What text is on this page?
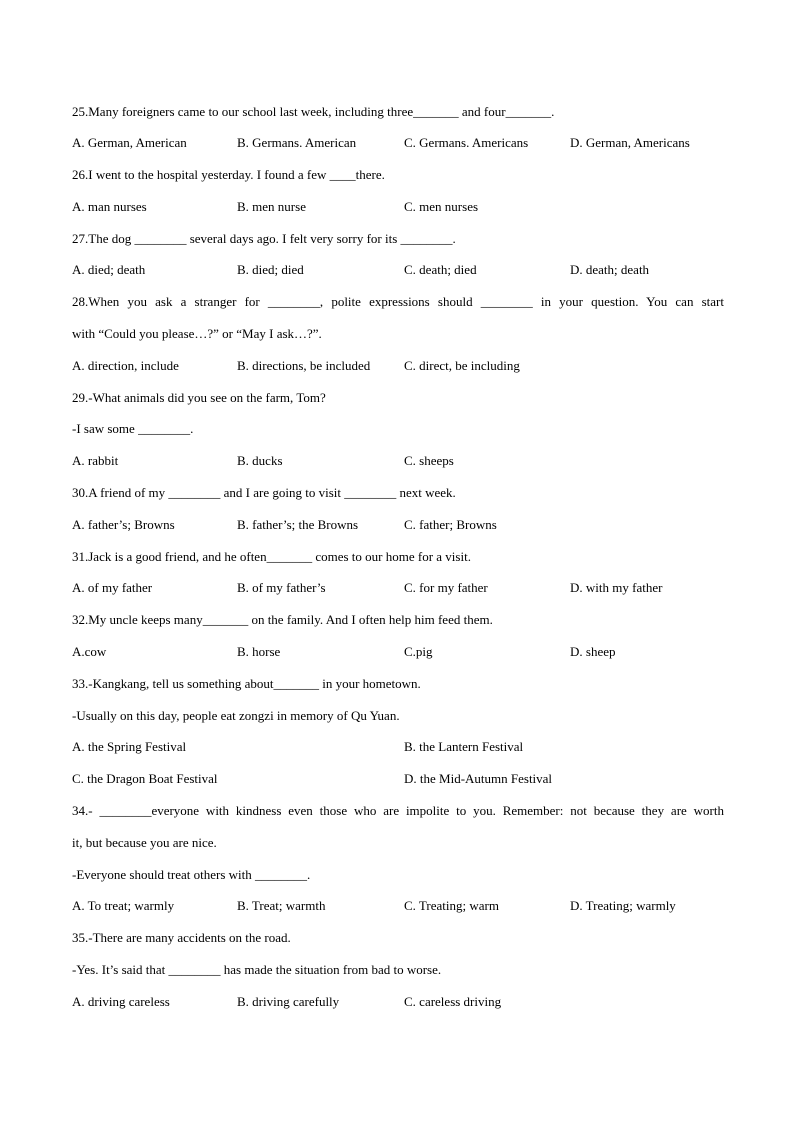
25.Many foreigners came to our school last week, including three_______ and four_______.
A. German, American	B. Germans. American	C. Germans. Americans	D. German, Americans
26.I went to the hospital yesterday. I found a few ____there.
A. man nurses	B. men nurse	C. men nurses
27.The dog ________ several days ago. I felt very sorry for its ________.
A. died; death	B. died; died	C. death; died	D. death; death
28.When you ask a stranger for ________, polite expressions should ________ in your question. You can start
with “Could you please…?” or “May I ask…?”.
A. direction, include	B. directions, be included	C. direct, be including
29.-What animals did you see on the farm, Tom?
-I saw some ________.
A. rabbit	B. ducks	C. sheeps
30.A friend of my ________ and I are going to visit ________ next week.
A. father’s; Browns	B. father’s; the Browns	C. father; Browns
31.Jack is a good friend, and he often_______ comes to our home for a visit.
A. of my father	B. of my father’s	C. for my father	D. with my father
32.My uncle keeps many_______ on the family. And I often help him feed them.
A.cow	B. horse	C.pig	D. sheep
33.-Kangkang, tell us something about_______ in your hometown.
-Usually on this day, people eat zongzi in memory of Qu Yuan.
A. the Spring Festival	B. the Lantern Festival
C. the Dragon Boat Festival	D. the Mid-Autumn Festival
34.- ________everyone with kindness even those who are impolite to you. Remember: not because they are worth
it, but because you are nice.
-Everyone should treat others with ________.
A. To treat; warmly	B. Treat; warmth	C. Treating; warm	D. Treating; warmly
35.-There are many accidents on the road.
-Yes. It’s said that ________ has made the situation from bad to worse.
A. driving careless	B. driving carefully	C. careless driving
